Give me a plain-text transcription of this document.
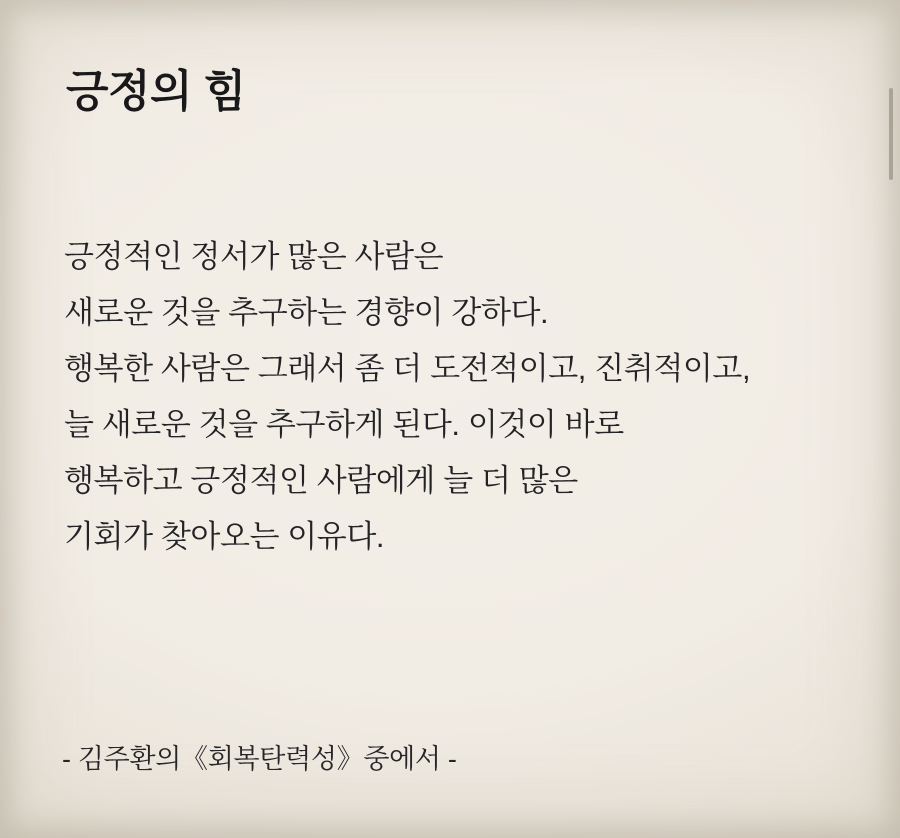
긍정의 힘
긍정적인 정서가 많은 사람은
새로운 것을 추구하는 경향이 강하다.
행복한 사람은 그래서 좀 더 도전적이고, 진취적이고,
늘 새로운 것을 추구하게 된다. 이것이 바로
행복하고 긍정적인 사람에게 늘 더 많은
기회가 찾아오는 이유다.
- 김주환의《회복탄력성》중에서 -
